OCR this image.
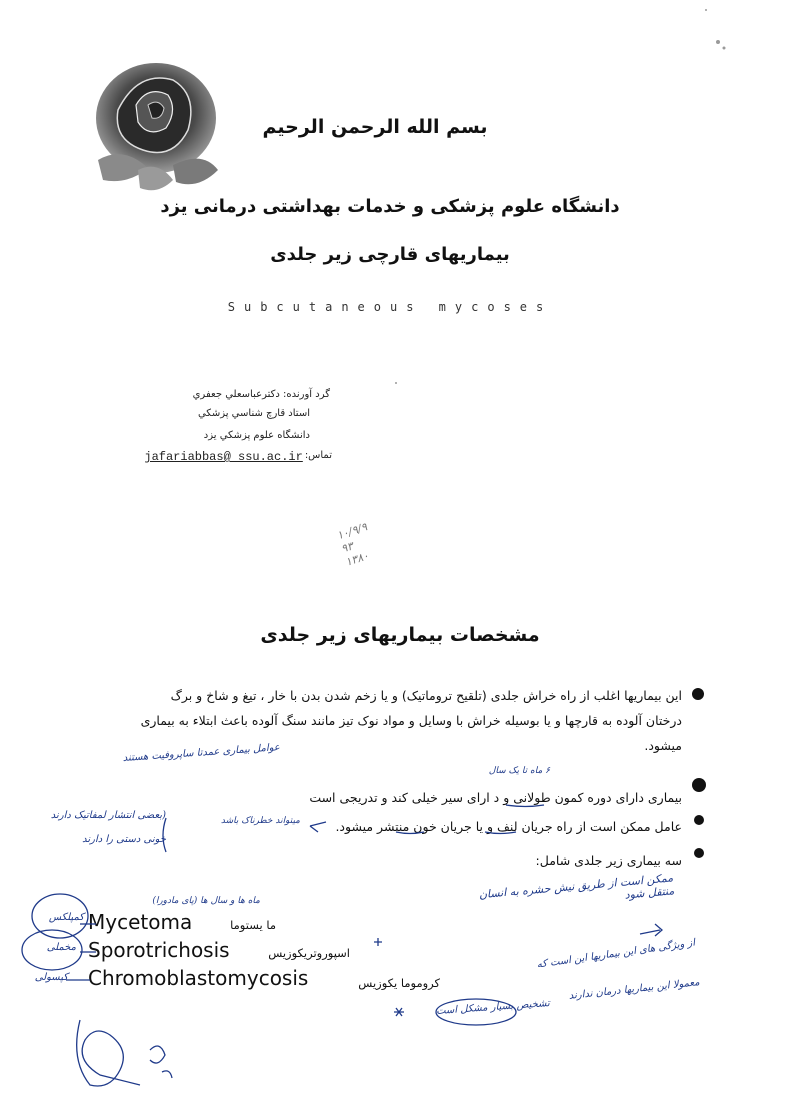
بسم الله الرحمن الرحیم
دانشگاه علوم پزشکی و خدمات بهداشتی درمانی یزد
بیماریهای قارچی زیر جلدی
Subcutaneous mycoses
گرد آورنده: دكترعباسعلي جعفري
استاد قارچ شناسي پزشكي
دانشگاه علوم پزشكي يزد
تماس:
jafariabbas@ ssu.ac.ir
۱۰/۹/۹
۹۳
۱۳۸۰
مشخصات بیماریهای زیر جلدی
این بیماریها اغلب از راه خراش جلدی (تلقیح تروماتیک) و یا زخم شدن بدن با خار ، تیغ و شاخ و برگ
درختان آلوده به قارچها و یا بوسیله خراش با وسایل و مواد نوک تیز مانند سنگ آلوده باعث ابتلاء به بیماری
میشود.
بیماری دارای دوره کمون طولانی و د ارای سیر خیلی کند و تدریجی است
عامل ممکن است از راه جریان لنف و یا جریان خون منتشر میشود.
سه بیماری زیر جلدی شامل:
Mycetoma	ما يستوما
Sporotrichosis	اسپوروتريكوزيس
Chromoblastomycosis	كروموما يكوزيس
عوامل بیماری عمدتا ساپروفیت هستند
۶ ماه تا یک سال
(بعضی انتشار لمفاتیک دارند
خونی دستی را دارند
میتواند خطرناک باشد
ممکن است از طریق نیش حشره به انسان منتقل شود
از ویژگی های این بیماریها این است که
معمولا این بیماریها درمان ندارند
تشخیص بسیار مشکل است
ماه ها و سال ها (پای مادورا)
کمپلکس
مخملی
کپسولی
